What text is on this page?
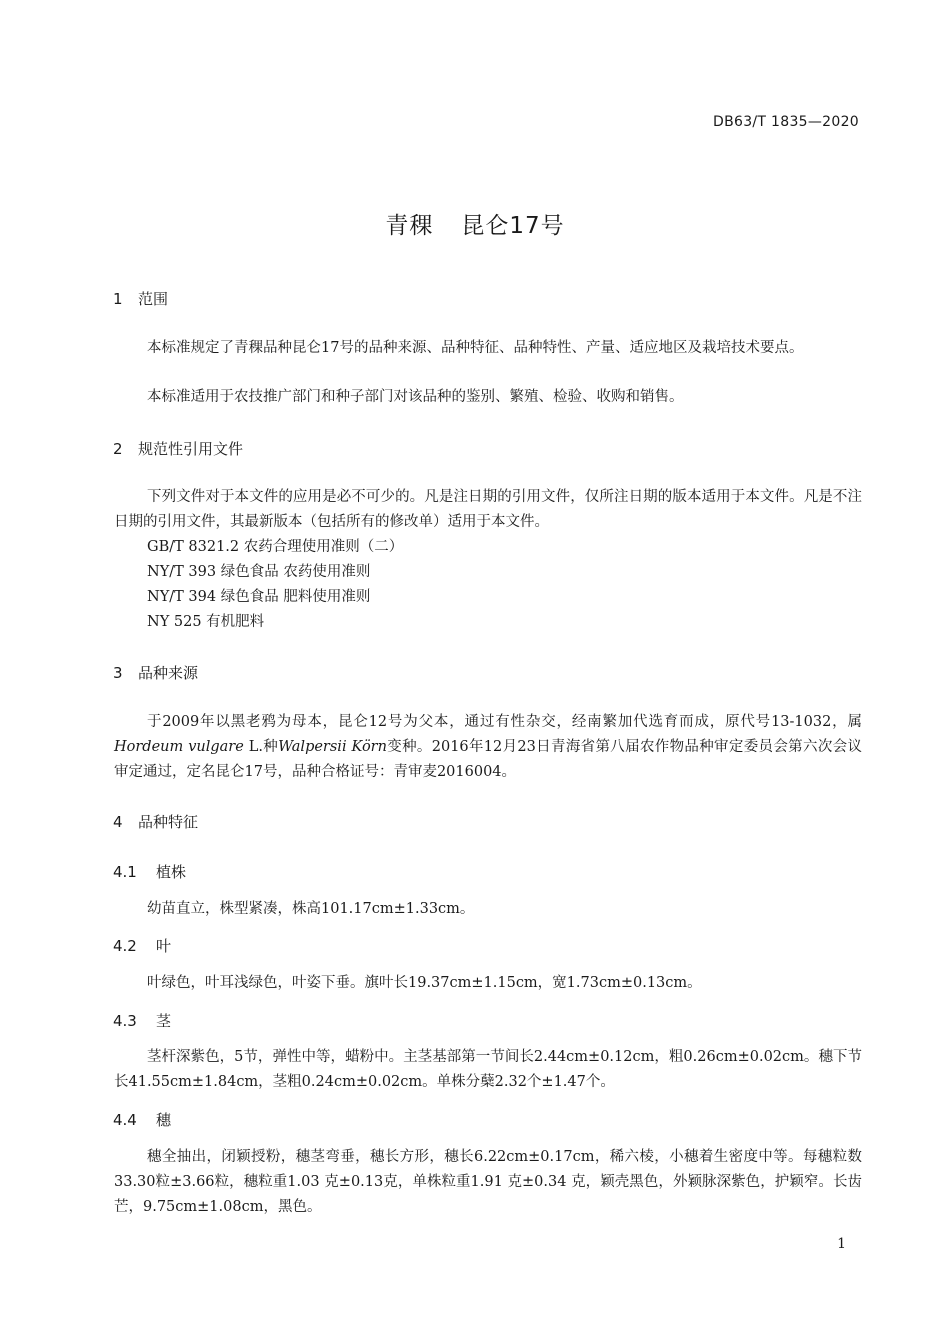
DB63/T 1835—2020
青稞 昆仑17号
1 范围
本标准规定了青稞品种昆仑17号的品种来源、品种特征、品种特性、产量、适应地区及栽培技术要点。
本标准适用于农技推广部门和种子部门对该品种的鉴别、繁殖、检验、收购和销售。
2 规范性引用文件
下列文件对于本文件的应用是必不可少的。凡是注日期的引用文件，仅所注日期的版本适用于本文件。凡是不注日期的引用文件，其最新版本（包括所有的修改单）适用于本文件。
GB/T 8321.2 农药合理使用准则（二）
NY/T 393 绿色食品 农药使用准则
NY/T 394 绿色食品 肥料使用准则
NY 525 有机肥料
3 品种来源
于2009年以黑老鸦为母本，昆仑12号为父本，通过有性杂交，经南繁加代选育而成，原代号13-1032，属Hordeum vulgare L.种Walpersii Körn变种。2016年12月23日青海省第八届农作物品种审定委员会第六次会议审定通过，定名昆仑17号，品种合格证号：青审麦2016004。
4 品种特征
4.1 植株
幼苗直立，株型紧凑，株高101.17cm±1.33cm。
4.2 叶
叶绿色，叶耳浅绿色，叶姿下垂。旗叶长19.37cm±1.15cm，宽1.73cm±0.13cm。
4.3 茎
茎杆深紫色，5节，弹性中等，蜡粉中。主茎基部第一节间长2.44cm±0.12cm，粗0.26cm±0.02cm。穗下节长41.55cm±1.84cm，茎粗0.24cm±0.02cm。单株分蘖2.32个±1.47个。
4.4 穗
穗全抽出，闭颖授粉，穗茎弯垂，穗长方形，穗长6.22cm±0.17cm，稀六棱，小穗着生密度中等。每穗粒数33.30粒±3.66粒，穗粒重1.03 克±0.13克，单株粒重1.91 克±0.34 克，颖壳黑色，外颖脉深紫色，护颖窄。长齿芒，9.75cm±1.08cm，黑色。
1
